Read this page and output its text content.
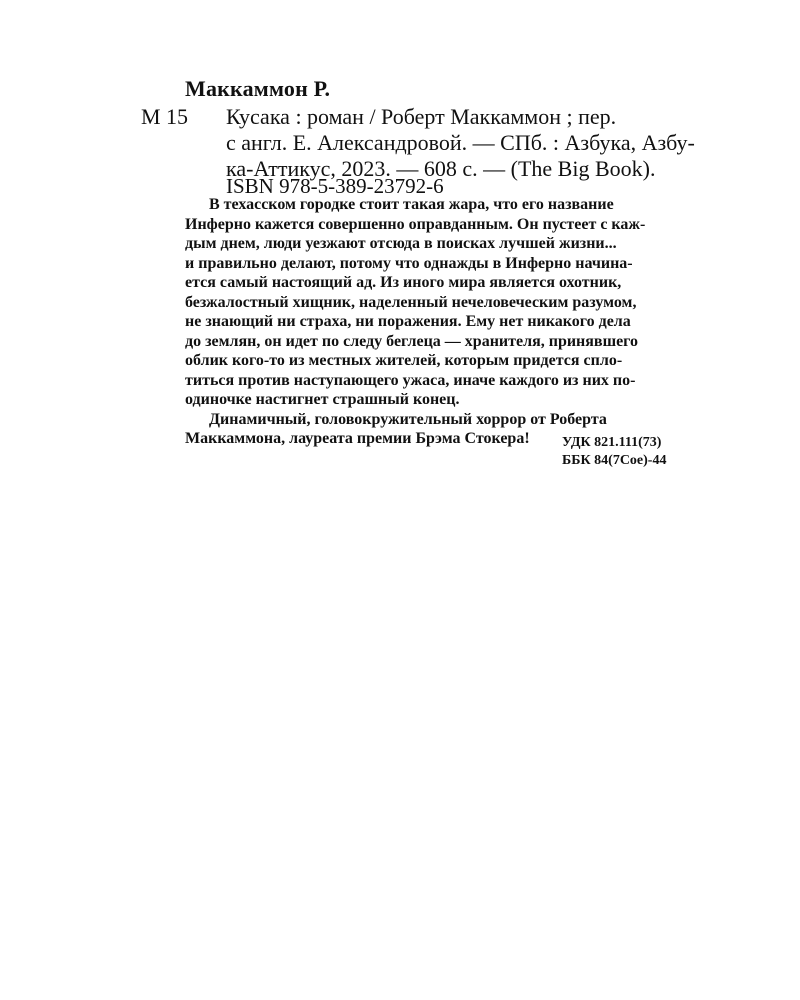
Маккаммон Р.
М 15 Кусака : роман / Роберт Маккаммон ; пер.
с англ. Е. Александровой. — СПб. : Азбука, Азбу-
ка-Аттикус, 2023. — 608 с. — (The Big Book).
ISBN 978-5-389-23792-6
В техасском городке стоит такая жара, что его название
Инферно кажется совершенно оправданным. Он пустеет с каж-
дым днем, люди уезжают отсюда в поисках лучшей жизни...
и правильно делают, потому что однажды в Инферно начина-
ется самый настоящий ад. Из иного мира является охотник,
безжалостный хищник, наделенный нечеловеческим разумом,
не знающий ни страха, ни поражения. Ему нет никакого дела
до землян, он идет по следу беглеца — хранителя, принявшего
облик кого-то из местных жителей, которым придется спло-
титься против наступающего ужаса, иначе каждого из них по-
одиночке настигнет страшный конец.
Динамичный, головокружительный хоррор от Роберта
Маккаммона, лауреата премии Брэма Стокера! УДК 821.111(73)
ББК 84(7Сое)-44
